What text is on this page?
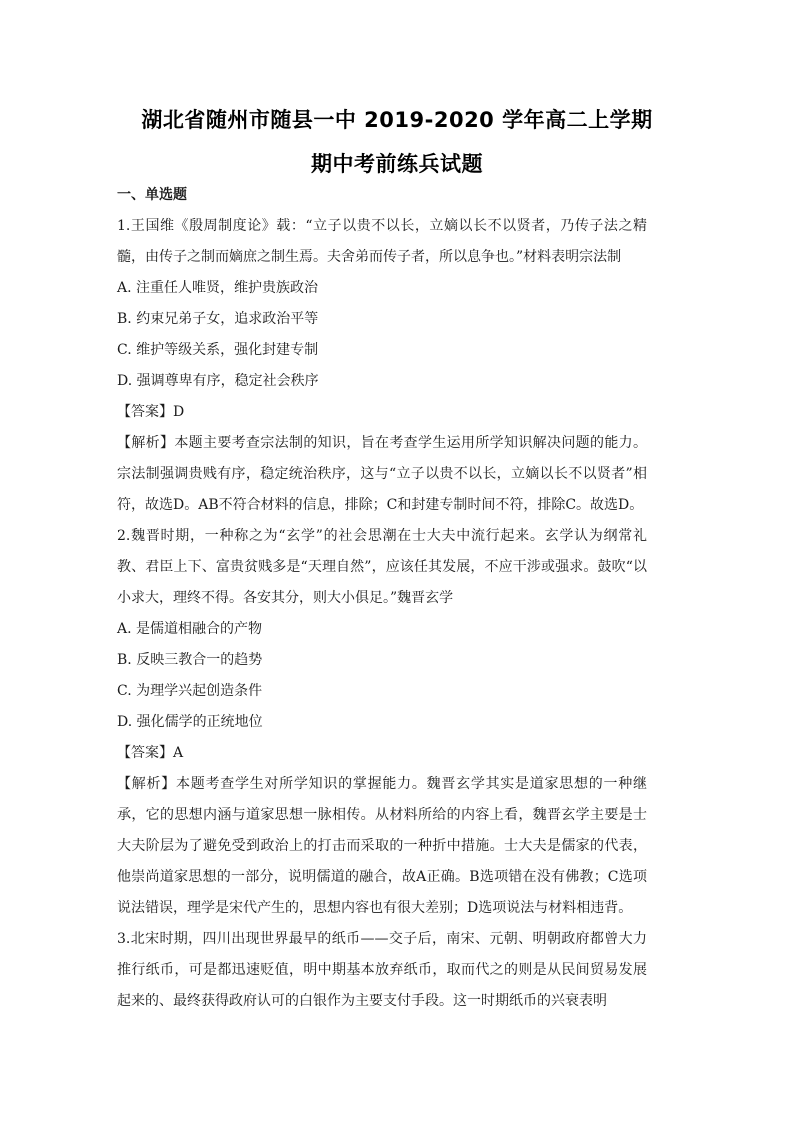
湖北省随州市随县一中 2019-2020 学年高二上学期
期中考前练兵试题
一、单选题
1.王国维《殷周制度论》载：“立子以贵不以长，立嫡以长不以贤者，乃传子法之精髓，由传子之制而嫡庶之制生焉。夫舍弟而传子者，所以息争也。”材料表明宗法制
A. 注重任人唯贤，维护贵族政治
B. 约束兄弟子女，追求政治平等
C. 维护等级关系，强化封建专制
D. 强调尊卑有序，稳定社会秩序
【答案】D
【解析】本题主要考查宗法制的知识，旨在考查学生运用所学知识解决问题的能力。宗法制强调贵贱有序，稳定统治秩序，这与“立子以贵不以长，立嫡以长不以贤者”相符，故选D。AB不符合材料的信息，排除；C和封建专制时间不符，排除C。故选D。
2.魏晋时期，一种称之为“玄学”的社会思潮在士大夫中流行起来。玄学认为纲常礼教、君臣上下、富贵贫贱多是“天理自然”，应该任其发展，不应干涉或强求。鼓吹“以小求大，理终不得。各安其分，则大小俱足。”魏晋玄学
A. 是儒道相融合的产物
B. 反映三教合一的趋势
C. 为理学兴起创造条件
D. 强化儒学的正统地位
【答案】A
【解析】本题考查学生对所学知识的掌握能力。魏晋玄学其实是道家思想的一种继承，它的思想内涵与道家思想一脉相传。从材料所给的内容上看，魏晋玄学主要是士大夫阶层为了避免受到政治上的打击而采取的一种折中措施。士大夫是儒家的代表，他崇尚道家思想的一部分，说明儒道的融合，故A正确。B选项错在没有佛教；C选项说法错误，理学是宋代产生的，思想内容也有很大差别；D选项说法与材料相违背。
3.北宋时期，四川出现世界最早的纸币——交子后，南宋、元朝、明朝政府都曾大力推行纸币，可是都迅速贬值，明中期基本放弃纸币，取而代之的则是从民间贸易发展起来的、最终获得政府认可的白银作为主要支付手段。这一时期纸币的兴衰表明
